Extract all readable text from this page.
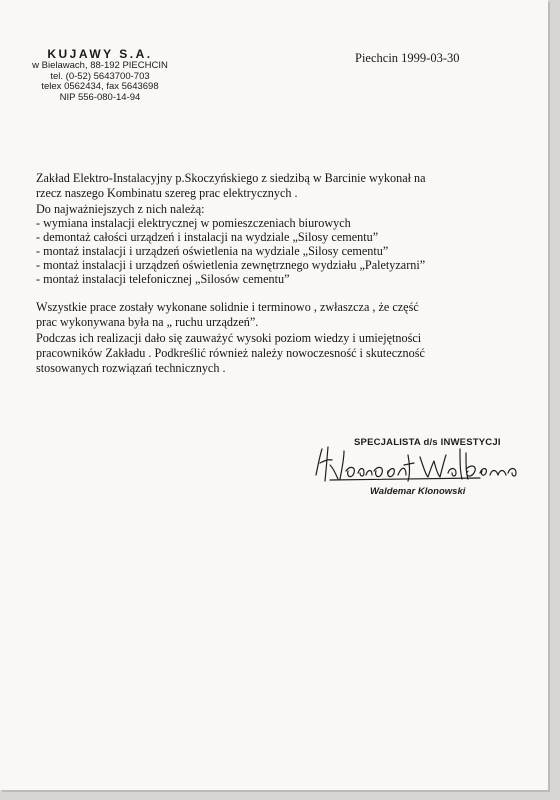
KUJAWY S.A.
w Bielawach, 88-192 PIECHCIN
tel. (0-52) 5643700-703
telex 0562434, fax 5643698
NIP 556-080-14-94
Piechcin 1999-03-30

Zakład Elektro-Instalacyjny p.Skoczyńskiego z siedzibą w Barcinie wykonał na

rzecz naszego Kombinatu szereg prac elektrycznych .

Do najważniejszych z nich należą:

- wymiana instalacji elektrycznej w pomieszczeniach biurowych

- demontaż całości urządzeń i instalacji na wydziale „Silosy cementu”

- montaż instalacji i urządzeń oświetlenia na wydziale „Silosy cementu”

- montaż instalacji i urządzeń oświetlenia zewnętrznego wydziału „Paletyzarni”

- montaż instalacji telefonicznej „Silosów cementu”

Wszystkie prace zostały wykonane solidnie i terminowo , zwłaszcza , że część

prac wykonywana była na „ ruchu urządzeń”.

Podczas ich realizacji dało się zauważyć wysoki poziom wiedzy i umiejętności

pracowników Zakładu . Podkreślić również należy nowoczesność i skuteczność

stosowanych rozwiązań technicznych .

SPECJALISTA d/s INWESTYCJI
Waldemar Klonowski
